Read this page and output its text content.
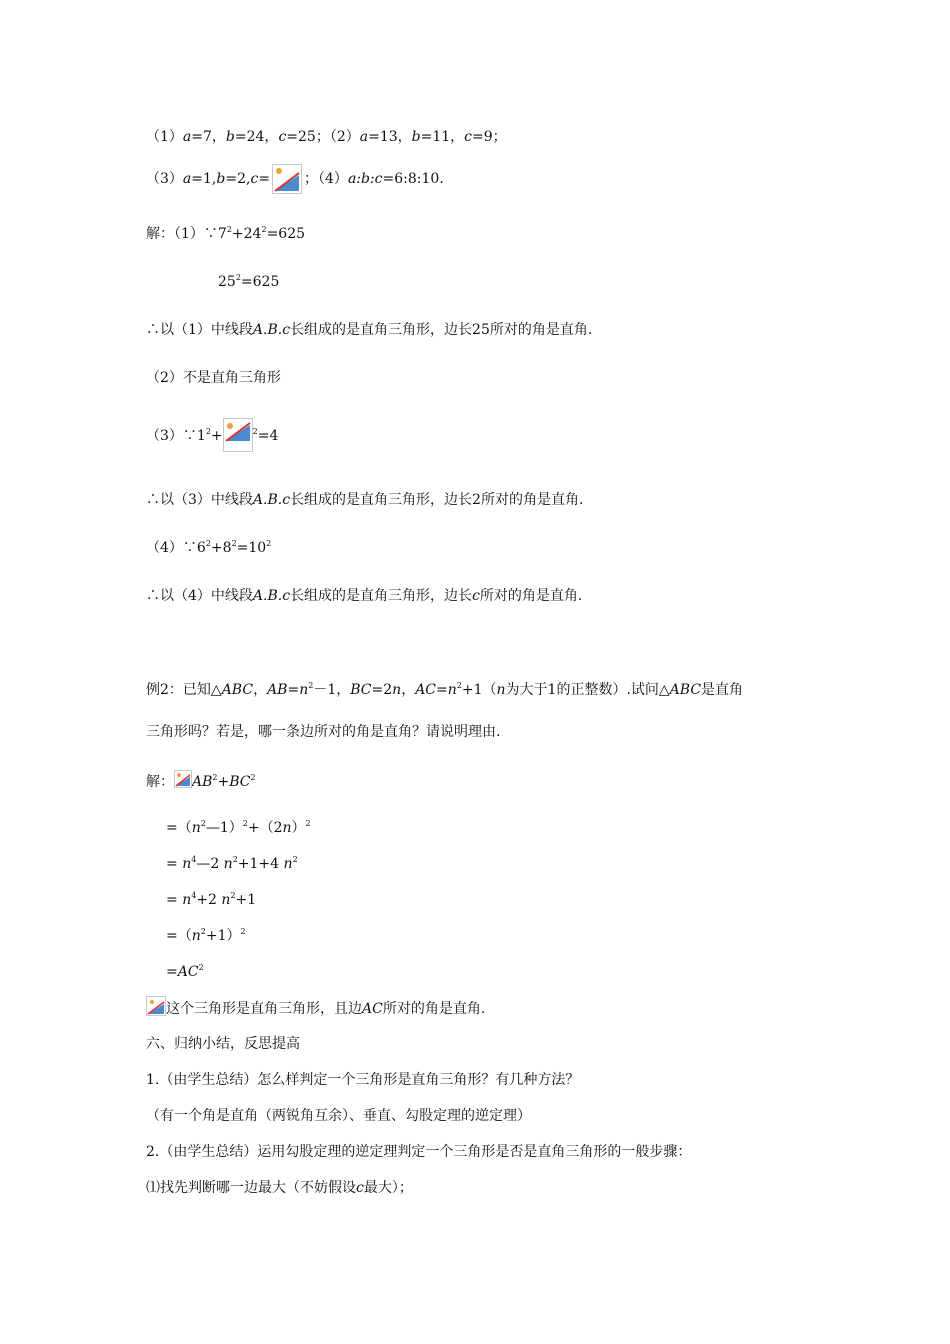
（1）a=7，b=24，c=25；（2）a=13，b=11，c=9；
（3）a=1,b=2,c= ；（4）a:b:c=6:8:10.
解：$(1)\because 7^2+24^2=625$
$25^2=625$
∴以（1）中线段A.B.c长组成的是直角三角形，边长25所对的角是直角.
（2）不是直角三角形
$(3)\because 1^2+$	$^2$=4
∴以（3）中线段A.B.c长组成的是直角三角形，边长2所对的角是直角.
$(4)\because 6^2+8^2=10^2$
∴以（4）中线段A.B.c长组成的是直角三角形，边长c所对的角是直角.
例2：已知△ABC，$AB=n^2-1$，BC=2n，$AC=n^2+1(n$为大于1的正整数）.试问△ABC是直角
三角形吗？若是，哪一条边所对的角是直角？请说明理由.
解： $AB^2+BC^2$
$=(n^2—1)^2+(2n)^2$
= $n^4—2$ $n^2+1+4$ $n^2$
= $n^4+2$ $n^2+1$
$=(n^2+1)^2$
$=AC^2$
这个三角形是直角三角形，且边AC所对的角是直角.
六、归纳小结，反思提高
1.（由学生总结）怎么样判定一个三角形是直角三角形？有几种方法？
（有一个角是直角（两锐角互余）、垂直、勾股定理的逆定理）
2.（由学生总结）运用勾股定理的逆定理判定一个三角形是否是直角三角形的一般步骤：
⑴找先判断哪一边最大（不妨假设c最大）；
